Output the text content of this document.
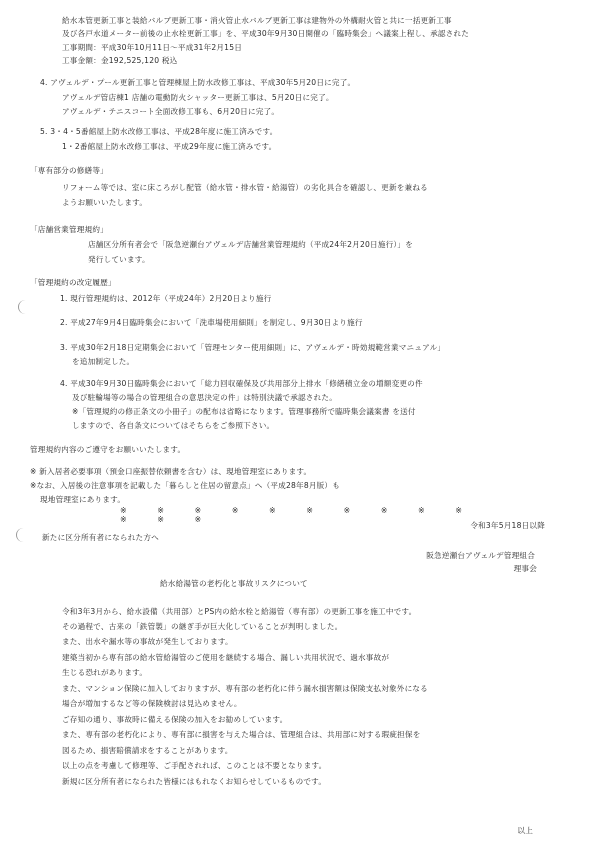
給水本管更新工事と装給バルブ更新工事・消火管止水バルブ更新工事は建物外の外構耐火管と共に一括更新工事
及び各戸水道メーター前後の止水栓更新工事」を、平成30年9月30日開催の「臨時集会」へ議案上程し、承認された
工事期間：平成30年10月11日～平成31年2月15日
工事金額：金192,525,120 税込
4. アヴェルデ・プール更新工事と管理棟屋上防水改修工事は、平成30年5月20日に完了。
アヴェルデ管店棟1 店舗の電動防火シャッター更新工事は、5月20日に完了。
アヴェルデ・テニスコート全面改修工事も、6月20日に完了。
5. 3・4・5番館屋上防水改修工事は、平成28年度に施工済みです。
1・2番館屋上防水改修工事は、平成29年度に施工済みです。
「専有部分の修繕等」
リフォーム等では、室に床ころがし配管（給水管・排水管・給湯管）の劣化具合を確認し、更新を兼ねる
ようお願いいたします。
「店舗営業管理規約」
店舗区分所有者会で「阪急逆瀬台アヴェルデ店舗営業管理規約（平成24年2月20日施行）」を
発行しています。
「管理規約の改定履歴」
1. 現行管理規約は、2012年（平成24年）2月20日より施行
2. 平成27年9月4日臨時集会において「洗車場使用細則」を制定し、9月30日より施行
3. 平成30年2月18日定期集会において「管理センター使用細則」に、アヴェルデ・時効規範営業マニュアル」
を追加制定した。
4. 平成30年9月30日臨時集会において「総力回収確保及び共用部分上排水「修繕積立金の増額変更の件
及び駐輪場等の場合の管理組合の意思決定の件」は特別決議で承認された。
※「管理規約の修正条文の小冊子」の配布は省略になります。管理事務所で臨時集会議案書 を送付
しますので、各自条文についてはそちらをご参照下さい。
管理規約内容のご遵守をお願いいたします。
※ 新入居者必要事項（預金口座振替依頼書を含む）は、現地管理室にあります。
※なお、入居後の注意事項を記載した「暮らしと住居の留意点」へ（平成28年8月版）も
現地管理室にあります。
※ ※ ※ ※ ※ ※ ※ ※ ※ ※ ※ ※ ※
令和3年5月18日以降
新たに区分所有者になられた方へ
阪急逆瀬台アヴェルデ管理組合
理事会
給水給湯管の老朽化と事故リスクについて
令和3年3月から、給水設備（共用部）とPS内の給水栓と給湯管（専有部）の更新工事を施工中です。
その過程で、古来の「鉄管製」の継ぎ手が巨大化していることが判明しました。
また、出水や漏水等の事故が発生しております。
建築当初から専有部の給水管給湯管のご使用を継続する場合、漏しい共用状況で、過水事故が
生じる恐れがあります。
また、マンション保険に加入しておりますが、専有部の老朽化に伴う漏水損害額は保険支払対象外になる
場合が増加するなど等の保険検討は見込めません。
ご存知の通り、事故時に備える保険の加入をお勧めしています。
また、専有部の老朽化により、専有部に損害を与えた場合は、管理組合は、共用部に対する瑕疵担保を
図るため、損害賠償請求をすることがあります。
以上の点を考慮して修理等、ご手配されれば、このことは不要となります。
新規に区分所有者になられた皆様にはもれなくお知らせしているものです。
以上
